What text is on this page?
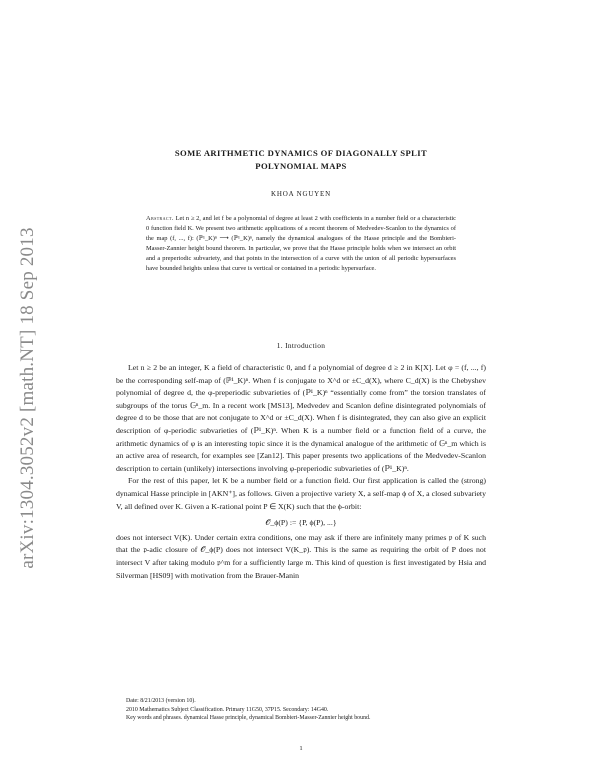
arXiv:1304.3052v2 [math.NT] 18 Sep 2013
SOME ARITHMETIC DYNAMICS OF DIAGONALLY SPLIT
POLYNOMIAL MAPS
KHOA NGUYEN
Abstract. Let n ≥ 2, and let f be a polynomial of degree at least 2 with coefficients in a number field or a characteristic 0 function field K. We present two arithmetic applications of a recent theorem of Medvedev-Scanlon to the dynamics of the map (f, ..., f): (ℙ¹_K)ⁿ ⟶ (ℙ¹_K)ⁿ, namely the dynamical analogues of the Hasse principle and the Bombieri-Masser-Zannier height bound theorem. In particular, we prove that the Hasse principle holds when we intersect an orbit and a preperiodic subvariety, and that points in the intersection of a curve with the union of all periodic hypersurfaces have bounded heights unless that curve is vertical or contained in a periodic hypersurface.
1. Introduction

Let n ≥ 2 be an integer, K a field of characteristic 0, and f a polynomial of degree d ≥ 2 in K[X]. Let φ = (f, ..., f) be the corresponding self-map of (ℙ¹_K)ⁿ. When f is conjugate to X^d or ±C_d(X), where C_d(X) is the Chebyshev polynomial of degree d, the φ-preperiodic subvarieties of (ℙ¹_K)ⁿ “essentially come from” the torsion translates of subgroups of the torus 𝔾ⁿ_m. In a recent work [MS13], Medvedev and Scanlon define disintegrated polynomials of degree d to be those that are not conjugate to X^d or ±C_d(X). When f is disintegrated, they can also give an explicit description of φ-periodic subvarieties of (ℙ¹_K)ⁿ. When K is a number field or a function field of a curve, the arithmetic dynamics of φ is an interesting topic since it is the dynamical analogue of the arithmetic of 𝔾ⁿ_m which is an active area of research, for examples see [Zan12]. This paper presents two applications of the Medvedev-Scanlon description to certain (unlikely) intersections involving φ-preperiodic subvarieties of (ℙ¹_K)ⁿ.

For the rest of this paper, let K be a number field or a function field. Our first application is called the (strong) dynamical Hasse principle in [AKN⁺], as follows. Given a projective variety X, a self-map ϕ of X, a closed subvariety V, all defined over K. Given a K-rational point P ∈ X(K) such that the ϕ-orbit:

𝒪_ϕ(P) := {P, ϕ(P), ...}

does not intersect V(K). Under certain extra conditions, one may ask if there are infinitely many primes 𝔭 of K such that the 𝔭-adic closure of 𝒪_ϕ(P) does not intersect V(K_𝔭). This is the same as requiring the orbit of P does not intersect V after taking modulo 𝔭^m for a sufficiently large m. This kind of question is first investigated by Hsia and Silverman [HS09] with motivation from the Brauer-Manin

Date: 8/21/2013 (version 10).

2010 Mathematics Subject Classification. Primary 11G50, 37P15. Secondary: 14G40.

Key words and phrases. dynamical Hasse principle, dynamical Bombieri-Masser-Zannier height bound.

1
